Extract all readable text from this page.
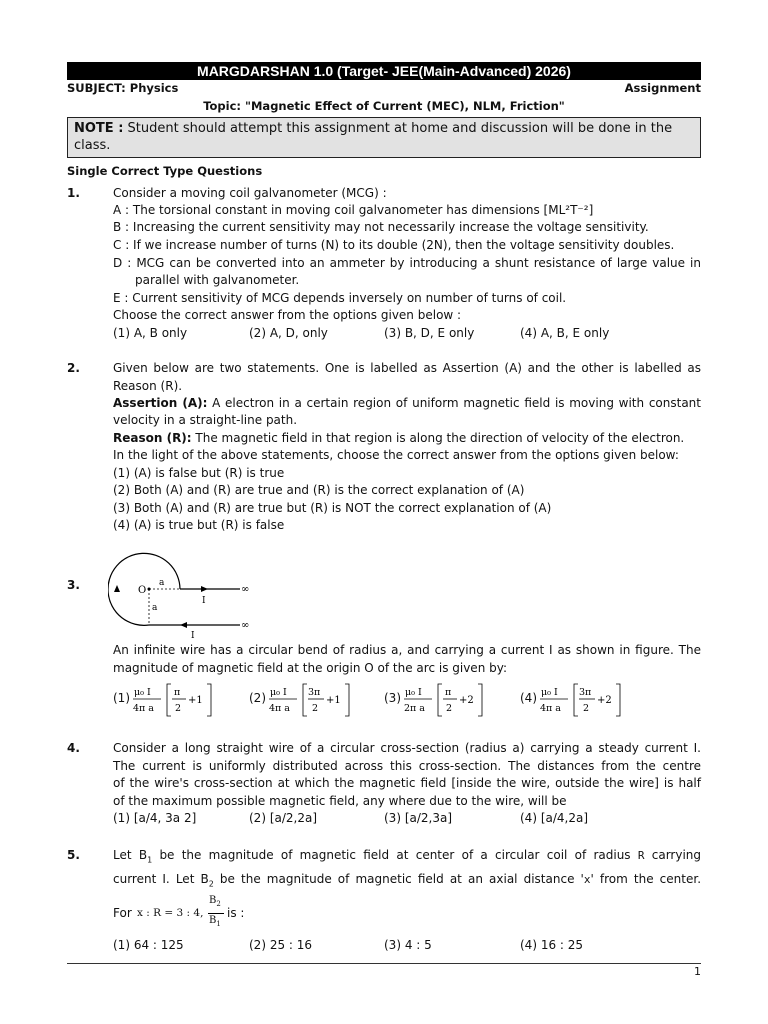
MARGDARSHAN 1.0 (Target- JEE(Main-Advanced) 2026)
SUBJECT: Physics	Assignment
Topic: "Magnetic Effect of Current (MEC), NLM, Friction"
NOTE : Student should attempt this assignment at home and discussion will be done in the class.
Single Correct Type Questions
1.	Consider a moving coil galvanometer (MCG) :
A : The torsional constant in moving coil galvanometer has dimensions [ML²T⁻²]
B : Increasing the current sensitivity may not necessarily increase the voltage sensitivity.
C : If we increase number of turns (N) to its double (2N), then the voltage sensitivity doubles.
D : MCG can be converted into an ammeter by introducing a shunt resistance of large value in
parallel with galvanometer.
E : Current sensitivity of MCG depends inversely on number of turns of coil.
Choose the correct answer from the options given below :
(1) A, B only	(2) A, D, only	(3) B, D, E only	(4) A, B, E only
2.	Given below are two statements. One is labelled as Assertion (A) and the other is labelled as
Reason (R).
Assertion (A): A electron in a certain region of uniform magnetic field is moving with constant
velocity in a straight-line path.
Reason (R): The magnetic field in that region is along the direction of velocity of the electron.
In the light of the above statements, choose the correct answer from the options given below:
(1) (A) is false but (R) is true
(2) Both (A) and (R) are true and (R) is the correct explanation of (A)
(3) Both (A) and (R) are true but (R) is NOT the correct explanation of (A)
(4) (A) is true but (R) is false
3.	O
a
a
I
I
∞
∞
An infinite wire has a circular bend of radius a, and carrying a current I as shown in figure. The
magnitude of magnetic field at the origin O of the arc is given by:
(1) μ₀ I
4π a
π
2
+1	(2) μ₀ I
4π a
3π
2
+1	(3) μ₀ I
2π a
π
2
+2	(4) μ₀ I
4π a
3π
2
+2
4.	Consider a long straight wire of a circular cross-section (radius a) carrying a steady current I.
The current is uniformly distributed across this cross-section. The distances from the centre
of the wire's cross-section at which the magnetic field [inside the wire, outside the wire] is half
of the maximum possible magnetic field, any where due to the wire, will be
(1) [a/4, 3a 2]	(2) [a/2,2a]	(3) [a/2,3a]	(4) [a/4,2a]
5.	Let $B_1$ be the magnitude of magnetic field at center of a circular coil of radius R carrying
current I. Let $B_2$ be the magnitude of magnetic field at an axial distance 'x' from the center.
For x : R = 3 : 4,
$B_2$
$B_1$
is :
(1) 64 : 125	(2) 25 : 16	(3) 4 : 5	(4) 16 : 25
1
